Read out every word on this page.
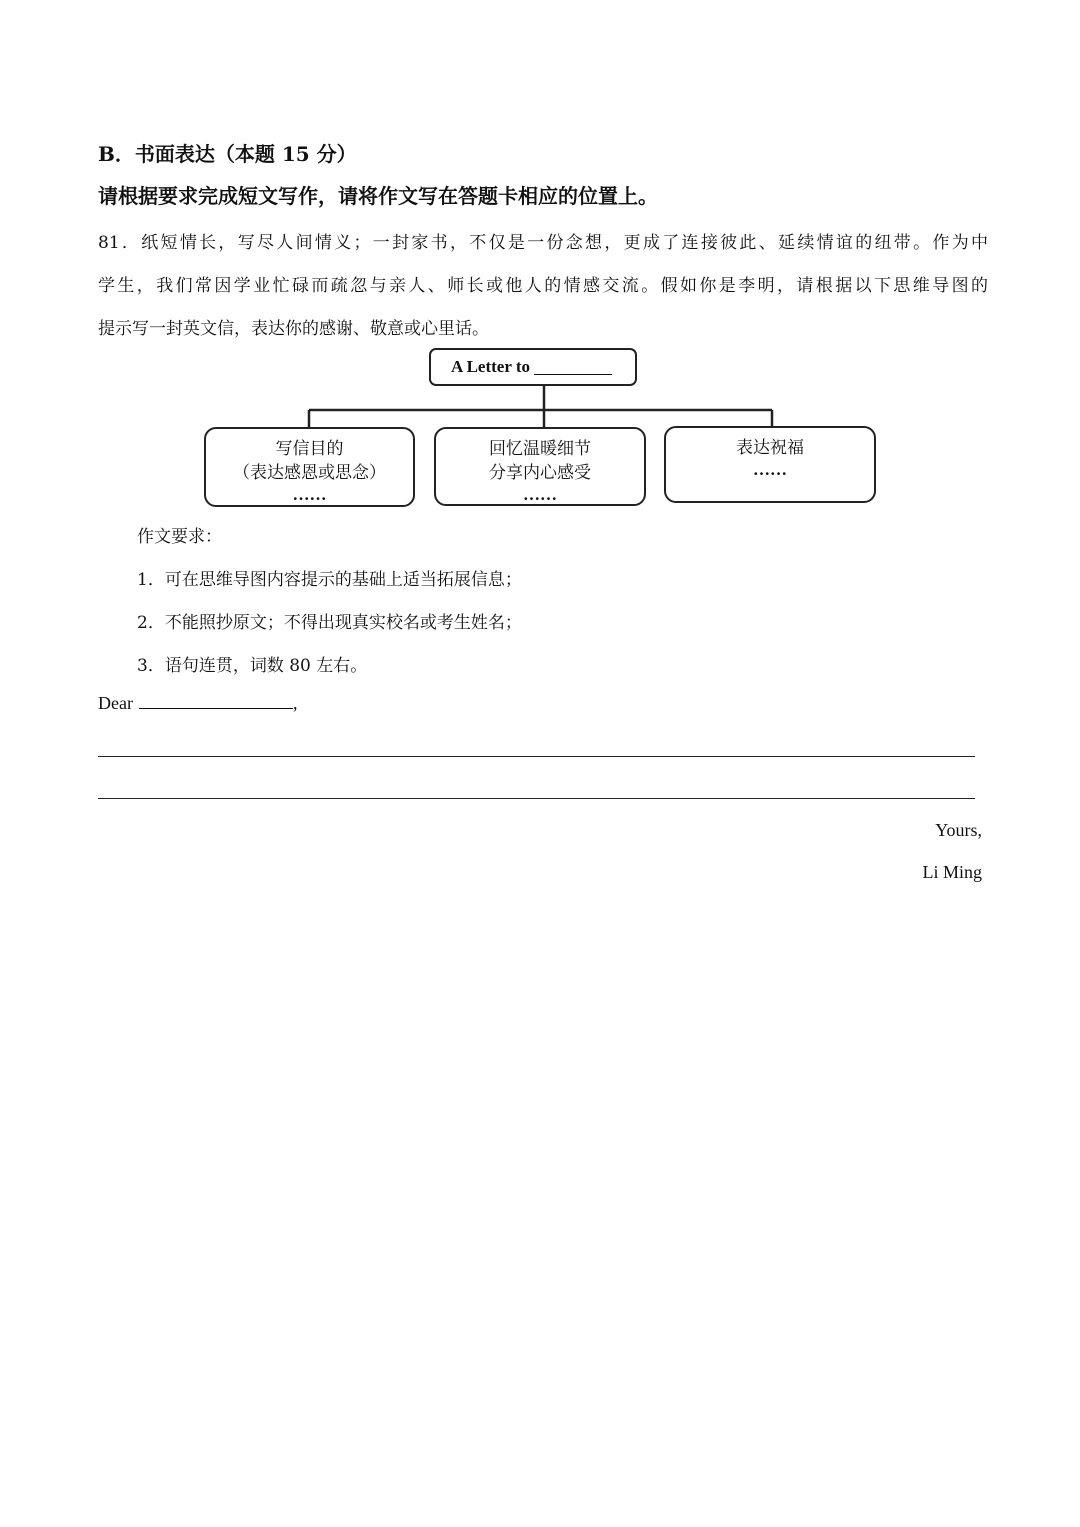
B．书面表达（本题 15 分）
请根据要求完成短文写作，请将作文写在答题卡相应的位置上。
81．纸短情长，写尽人间情义；一封家书，不仅是一份念想，更成了连接彼此、延续情谊的纽带。作为中
学生，我们常因学业忙碌而疏忽与亲人、师长或他人的情感交流。假如你是李明，请根据以下思维导图的
提示写一封英文信，表达你的感谢、敬意或心里话。
A Letter to
写信目的
（表达感恩或思念）
……
回忆温暖细节
分享内心感受
……
表达祝福
……
作文要求：
1．可在思维导图内容提示的基础上适当拓展信息；
2．不能照抄原文；不得出现真实校名或考生姓名；
3．语句连贯，词数 80 左右。
Dear	,
Yours,
Li Ming
